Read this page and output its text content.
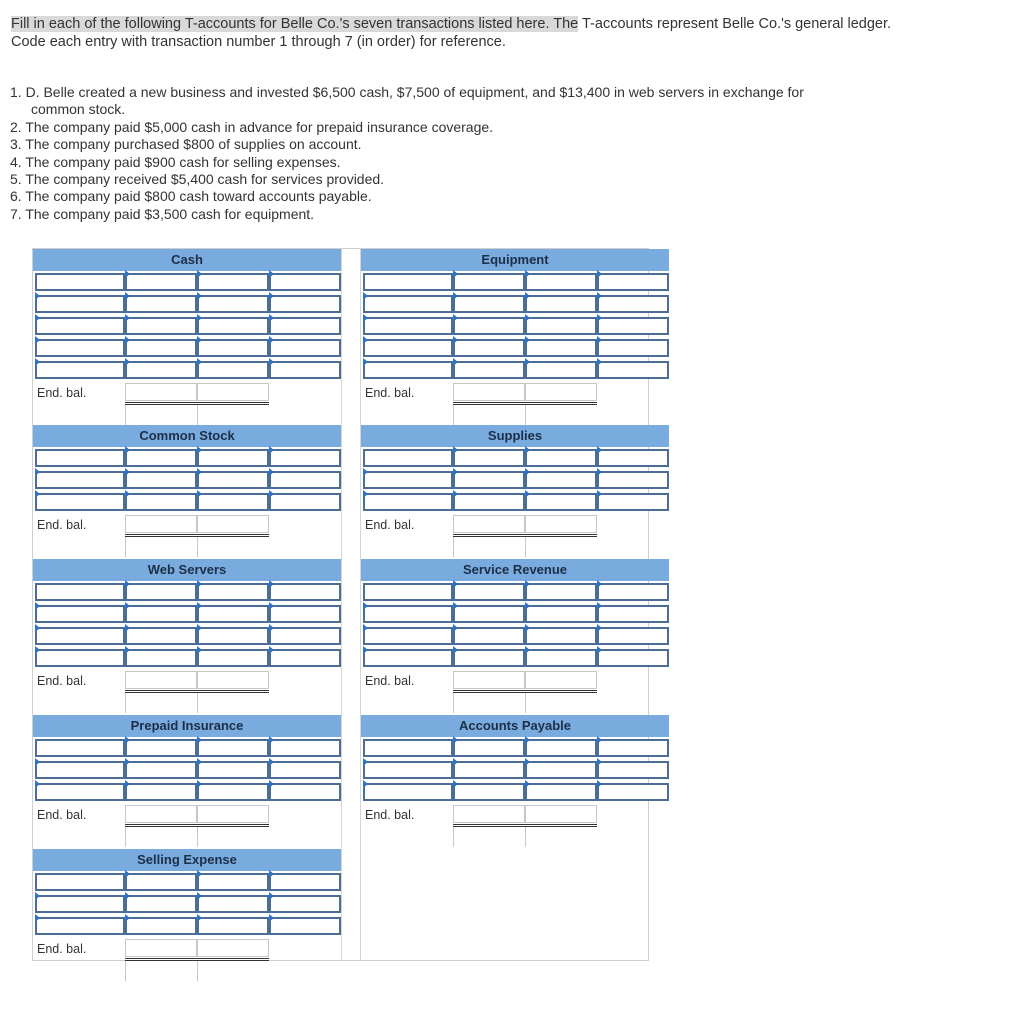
Fill in each of the following T-accounts for Belle Co.'s seven transactions listed here. The T-accounts represent Belle Co.'s general ledger. Code each entry with transaction number 1 through 7 (in order) for reference.
1. D. Belle created a new business and invested $6,500 cash, $7,500 of equipment, and $13,400 in web servers in exchange for
common stock.
2. The company paid $5,000 cash in advance for prepaid insurance coverage.
3. The company purchased $800 of supplies on account.
4. The company paid $900 cash for selling expenses.
5. The company received $5,400 cash for services provided.
6. The company paid $800 cash toward accounts payable.
7. The company paid $3,500 cash for equipment.
Cash
End. bal.
Equipment
End. bal.
Common Stock
End. bal.
Supplies
End. bal.
Web Servers
End. bal.
Service Revenue
End. bal.
Prepaid Insurance
End. bal.
Accounts Payable
End. bal.
Selling Expense
End. bal.
